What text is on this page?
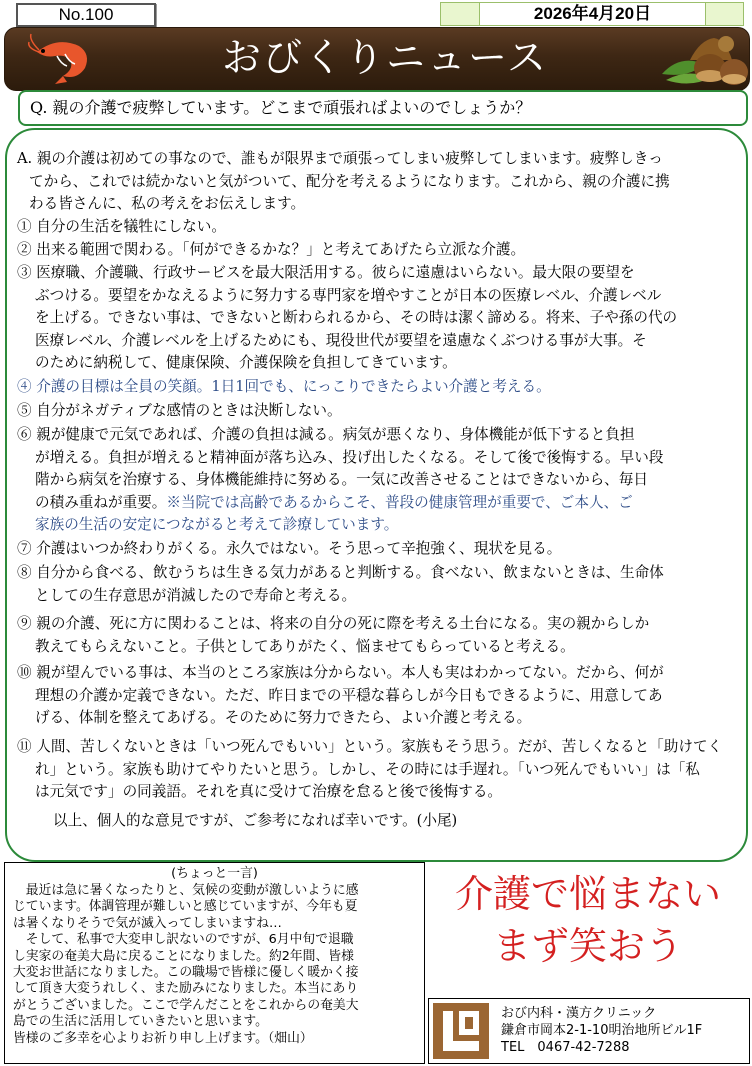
No.100	2026年4月20日
おびくりニュース
Q. 親の介護で疲弊しています。どこまで頑張ればよいのでしょうか？
A. 親の介護は初めての事なので、誰もが限界まで頑張ってしまい疲弊してしまいます。疲弊しきっ
てから、これでは続かないと気がついて、配分を考えるようになります。これから、親の介護に携
わる皆さんに、私の考えをお伝えします。
① 自分の生活を犠牲にしない。
② 出来る範囲で関わる。「何ができるかな？」と考えてあげたら立派な介護。
③ 医療職、介護職、行政サービスを最大限活用する。彼らに遠慮はいらない。最大限の要望を
ぶつける。要望をかなえるように努力する専門家を増やすことが日本の医療レベル、介護レベル
を上げる。できない事は、できないと断わられるから、その時は潔く諦める。将来、子や孫の代の
医療レベル、介護レベルを上げるためにも、現役世代が要望を遠慮なくぶつける事が大事。そ
のために納税して、健康保険、介護保険を負担してきています。
④ 介護の目標は全員の笑顔。1日1回でも、にっこりできたらよい介護と考える。
⑤ 自分がネガティブな感情のときは決断しない。
⑥ 親が健康で元気であれば、介護の負担は減る。病気が悪くなり、身体機能が低下すると負担
が増える。負担が増えると精神面が落ち込み、投げ出したくなる。そして後で後悔する。早い段
階から病気を治療する、身体機能維持に努める。一気に改善させることはできないから、毎日
の積み重ねが重要。※当院では高齢であるからこそ、普段の健康管理が重要で、ご本人、ご
家族の生活の安定につながると考えて診療しています。
⑦ 介護はいつか終わりがくる。永久ではない。そう思って辛抱強く、現状を見る。
⑧ 自分から食べる、飲むうちは生きる気力があると判断する。食べない、飲まないときは、生命体
としての生存意思が消滅したので寿命と考える。
⑨ 親の介護、死に方に関わることは、将来の自分の死に際を考える土台になる。実の親からしか
教えてもらえないこと。子供としてありがたく、悩ませてもらっていると考える。
⑩ 親が望んでいる事は、本当のところ家族は分からない。本人も実はわかってない。だから、何が
理想の介護か定義できない。ただ、昨日までの平穏な暮らしが今日もできるように、用意してあ
げる、体制を整えてあげる。そのために努力できたら、よい介護と考える。
⑪ 人間、苦しくないときは「いつ死んでもいい」という。家族もそう思う。だが、苦しくなると「助けてく
れ」という。家族も助けてやりたいと思う。しかし、その時には手遅れ。「いつ死んでもいい」は「私
は元気です」の同義語。それを真に受けて治療を怠ると後で後悔する。
以上、個人的な意見ですが、ご参考になれば幸いです。(小尾)
(ちょっと一言)
　最近は急に暑くなったりと、気候の変動が激しいように感
じています。体調管理が難しいと感じていますが、今年も夏
は暑くなりそうで気が滅入ってしまいますね…
　そして、私事で大変申し訳ないのですが、6月中旬で退職
し実家の奄美大島に戻ることになりました。約2年間、皆様
大変お世話になりました。この職場で皆様に優しく暖かく接
して頂き大変うれしく、また励みになりました。本当にあり
がとうございました。ここで学んだことをこれからの奄美大
島での生活に活用していきたいと思います。
皆様のご多幸を心よりお祈り申し上げます。（畑山）
介護で悩まない
まず笑おう
おび内科・漢方クリニック
鎌倉市岡本2-1-10明治地所ビル1F
TEL　0467-42-7288
